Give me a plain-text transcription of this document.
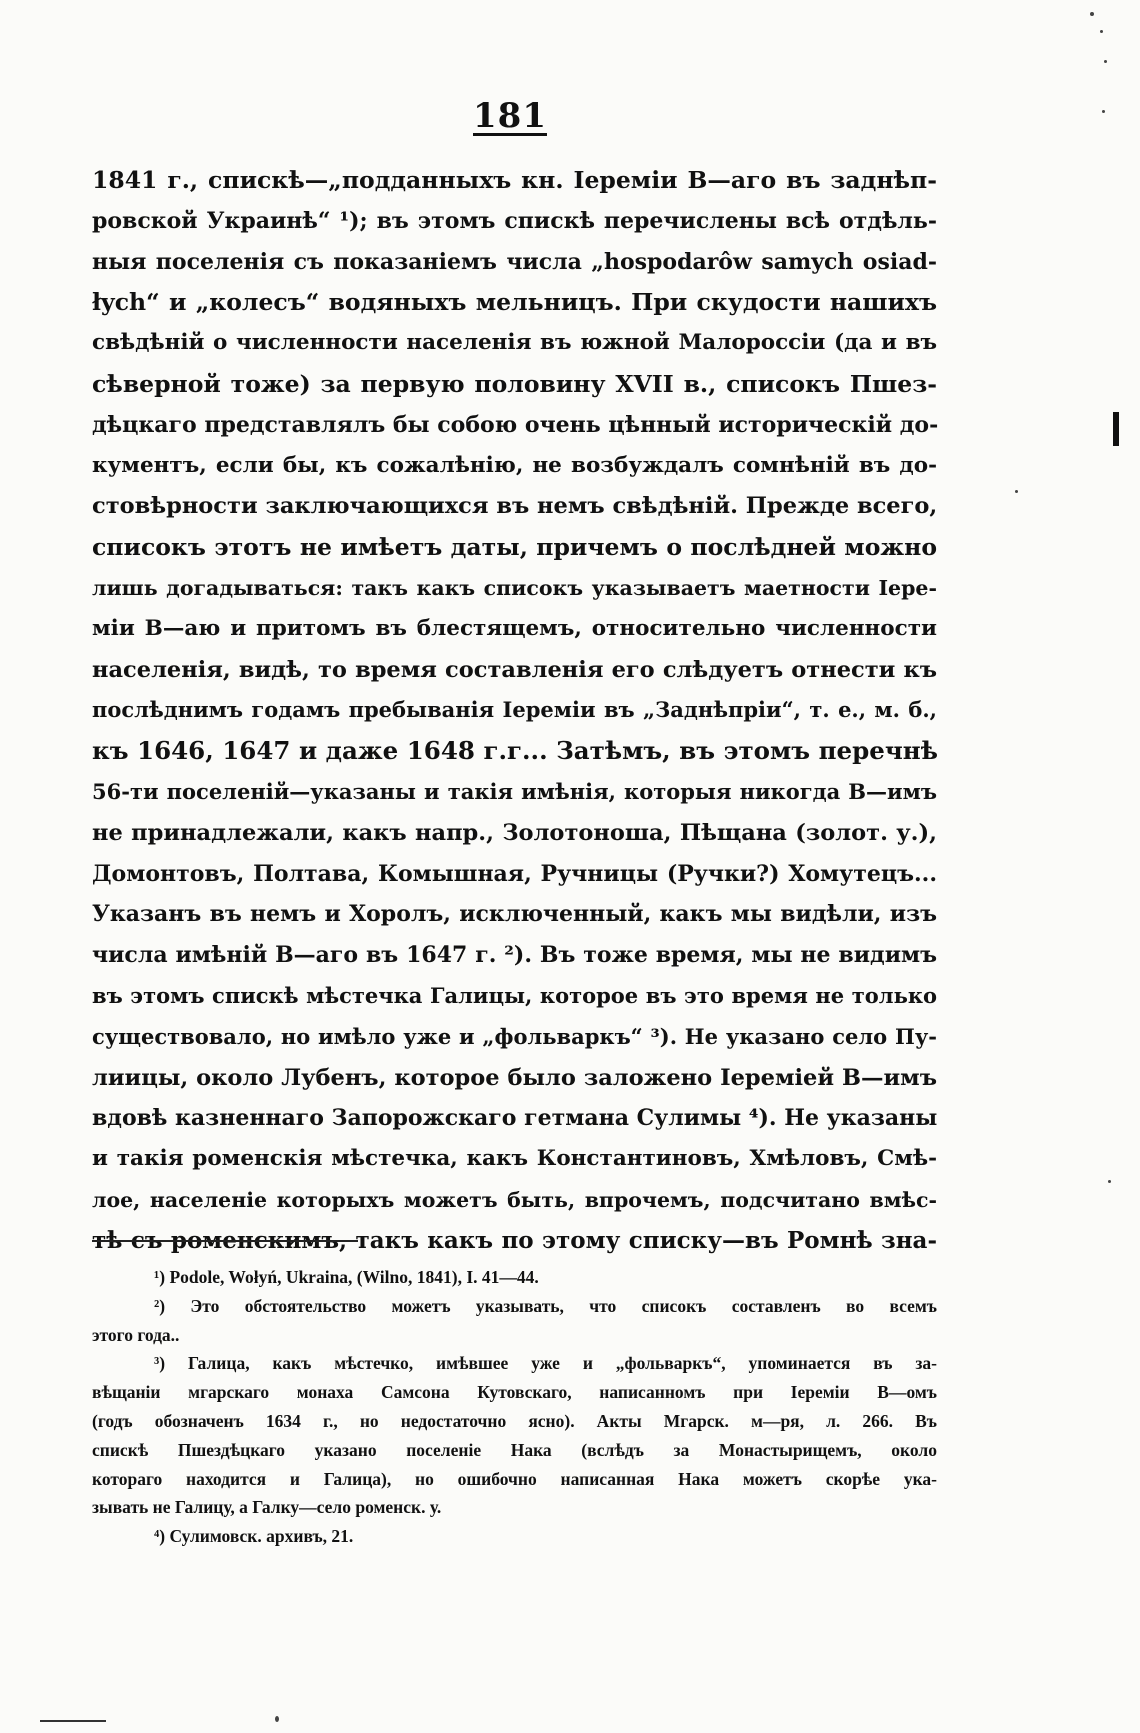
181
1841 г., спискѣ—„подданныхъ кн. Іереміи В—аго въ заднѣп-
ровской Украинѣ“ ¹); въ этомъ спискѣ перечислены всѣ отдѣль-
ныя поселенія съ показаніемъ числа „hospodarôw samych osiad-
łych“ и „колесъ“ водяныхъ мельницъ. При скудости нашихъ
свѣдѣній о численности населенія въ южной Малороссіи (да и въ
сѣверной тоже) за первую половину XVII в., списокъ Пшез-
дѣцкаго представлялъ бы собою очень цѣнный историческій до-
кументъ, если бы, къ сожалѣнію, не возбуждалъ сомнѣній въ до-
стовѣрности заключающихся въ немъ свѣдѣній. Прежде всего,
списокъ этотъ не имѣетъ даты, причемъ о послѣдней можно
лишь догадываться: такъ какъ списокъ указываетъ маетности Іере-
міи В—аю и притомъ въ блестящемъ, относительно численности
населенія, видѣ, то время составленія его слѣдуетъ отнести къ
послѣднимъ годамъ пребыванія Іереміи въ „Заднѣпріи“, т. е., м. б.,
къ 1646, 1647 и даже 1648 г.г... Затѣмъ, въ этомъ перечнѣ
56-ти поселеній—указаны и такія имѣнія, которыя никогда В—имъ
не принадлежали, какъ напр., Золотоноша, Пѣщана (золот. у.),
Домонтовъ, Полтава, Комышная, Ручницы (Ручки?) Хомутецъ...
Указанъ въ немъ и Хоролъ, исключенный, какъ мы видѣли, изъ
числа имѣній В—аго въ 1647 г. ²). Въ тоже время, мы не видимъ
въ этомъ спискѣ мѣстечка Галицы, которое въ это время не только
существовало, но имѣло уже и „фольваркъ“ ³). Не указано село Пу-
лиицы, около Лубенъ, которое было заложено Іереміей В—имъ
вдовѣ казненнаго Запорожскаго гетмана Сулимы ⁴). Не указаны
и такія роменскія мѣстечка, какъ Константиновъ, Хмѣловъ, Смѣ-
лое, населеніе которыхъ можетъ быть, впрочемъ, подсчитано вмѣс-
тѣ съ роменскимъ, такъ какъ по этому списку—въ Ромнѣ зна-
¹) Podole, Wołyń, Ukraina, (Wilno, 1841), I. 41—44.
²) Это обстоятельство можетъ указывать, что списокъ составленъ во всемъ
этого года..
³) Галица, какъ мѣстечко, имѣвшее уже и „фольваркъ“, упоминается въ за-
вѣщаніи мгарскаго монаха Самсона Кутовскаго, написанномъ при Іереміи В—омъ
(годъ обозначенъ 1634 г., но недостаточно ясно). Акты Мгарск. м—ря, л. 266. Въ
спискѣ Пшездѣцкаго указано поселеніе Нака (вслѣдъ за Монастырищемъ, около
котораго находится и Галица), но ошибочно написанная Нака можетъ скорѣе ука-
зывать не Галицу, а Галку—село роменск. у.
⁴) Сулимовск. архивъ, 21.
